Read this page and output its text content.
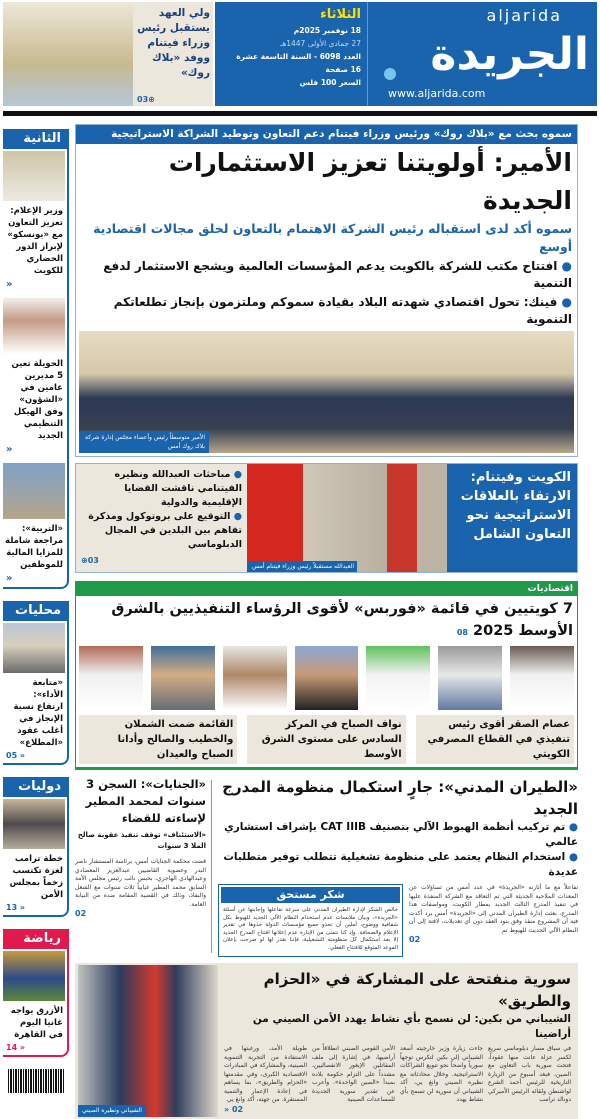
aljarida
الجريدة
www.aljarida.com
الثلاثاء
18 نوفمبر 2025م
27 جمادى الأولى 1447هـ
العدد 6098 - السنة التاسعة عشرة
16 صفحة
السعر 100 فلس
ولي العهد يستقبل رئيس وزراء فيتنام ووفد «بلاك روك»
⊕03
سموه بحث مع «بلاك روك» ورئيس وزراء فيتنام دعم التعاون وتوطيد الشراكة الاستراتيجية
الأمير: أولويتنا تعزيز الاستثمارات الجديدة
سموه أكد لدى استقباله رئيس الشركة الاهتمام بالتعاون لخلق مجالات اقتصادية أوسع
● افتتاح مكتب للشركة بالكويت يدعم المؤسسات العالمية ويشجع الاستثمار لدفع التنمية
● فينك: تحول اقتصادي شهدته البلاد بقيادة سموكم وملتزمون بإنجاز تطلعاتكم التنموية
الأمير متوسطاً رئيس وأعضاء مجلس إدارة شركة بلاك روك أمس
الكويت وفيتنام: الارتقاء بالعلاقات الاستراتيجية نحو التعاون الشامل
العبدالله مستقبلاً رئيس وزراء فيتنام أمس
● مباحثات العبدالله ونظيره الفيتنامي ناقشت القضايا الإقليمية والدولية
● التوقيع على بروتوكول ومذكرة تفاهم بين البلدين في المجال الدبلوماسي
03⊕
اقتصاديات
7 كويتيين في قائمة «فوربس» لأقوى الرؤساء التنفيذيين بالشرق الأوسط 2025 08
عصام الصقر أقوى رئيس تنفيذي في القطاع المصرفي الكويتي
نواف الصباح في المركز السادس على مستوى الشرق الأوسط
القائمة ضمت الشملان والخطيب والصالح وأدانا الصباح والعيدان
«الطيران المدني»: جارٍ استكمال منظومة المدرج الجديد
● تم تركيب أنظمة الهبوط الآلي بتصنيف CAT IIIB بإشراف استشاري عالمي
● استخدام النظام يعتمد على منظومة تشغيلية تتطلب توفير متطلبات عديدة
تفاعلاً مع ما أثارته «الجريدة» في عدد أمس من تساؤلات عن المعدات الملاحية الحديثة التي تم التعاقد مع الشركة المنفذة عليها في تنفيذ المدرج الثالث الجديد بمطار الكويت، ومواصفات هذا المدرج، بعثت إدارة الطيران المدني إلى «الجريدة» أمس برد أكدت فيه أن المشروع منفذ وفق بنود العقد دون أي تعديلات، لافتة إلى أن النظام الآلي الحديث للهبوط تم
02
شكر مستحق
خالص الشكر لإدارة الطيران المدني على سرعة تفاعلها وإجابتها عن أسئلة «الجريدة»، وبيان ملابسات عدم استخدام النظام الآلي الجديد للهبوط بكل شفافية ووضوح، آملين أن تحذو جميع مؤسسات الدولة حذوها في تقدير الإعلام والصحافة. وإذ كنا نتمنى من الإدارة عدم إعلانها افتتاح المدرج الجديد إلا بعد استكمال كل منظومته التشغيلية، فإننا نقدر لها لو صرحت بإعلان الموعد المتوقع للافتتاح الفعلي.
«الجنايات»: السجن 3 سنوات لمحمد المطير لإساءته للقضاء
«الاستئناف» توقف تنفيذ عقوبة صالح الملا 3 سنوات
قضت محكمة الجنايات أمس، برئاسة المستشار ناصر البدر وعضوية القاضيين عبدالعزيز المعضادي وعبدالهادي الهاجري، بحبس نائب رئيس مجلس الأمة السابق محمد المطير غيابياً ثلاث سنوات مع الشغل والنفاذ، وذلك في القضية المقامة ضده من النيابة العامة.
02
سورية منفتحة على المشاركة في «الحزام والطريق»
الشيباني من بكين: لن نسمح بأي نشاط يهدد الأمن الصيني من أراضينا
في سياق مسار دبلوماسي سريع لكسر عزلة عانت منها عقوداً، فتحت سورية باب التعاون مع الصين، فبعد أسبوع من الزيارة التاريخية للرئيس أحمد الشرع لواشنطن ولقائه الرئيس الأميركي دونالد ترامب
جاءت زيارة وزير خارجيته أسعد الشيباني إلى بكين لتكرس توجهاً سورياً واضحاً نحو تنويع الشراكات الاستراتيجية. وخلال محادثاته مع نظيره الصيني وانغ يي، أكد الشيباني أن سورية لن تسمح بأي نشاط يهدد
الأمن القومي الصيني انطلاقاً من أراضيها، في إشارة إلى ملف المقاتلين الإيغور الانفصاليين، مشدداً على التزام حكومة بلاده بمبدأ «الصين الواحدة». وأعرب عن تقدير سورية الجديدة للمساعدات الصينية
طويلة الأمد، ورغبتها في الاستفادة من التجربة التنموية الصينية، والمشاركة في المبادرات الاقتصادية الكبرى، وفي مقدمتها «الحزام والطريق»، بما يساهم في إعادة الإعمار والتنمية المستقرة. من جهته، أكد وانغ يي
02 «
الشيباني ونظيره الصيني
الثانية
وزير الإعلام: تعزيز التعاون مع «يونسكو» لإبراز الدور الحضاري للكويت
«
الحويلة تعين 5 مديرين عامين في «الشؤون» وفق الهيكل التنظيمي الجديد
«
«التربية»: مراجعة شاملة للمزايا المالية للموظفين
«
محليات
«متابعة الأداء»: ارتفاع نسبة الإنجاز في أغلب عقود «المطلاع»
« 05
دوليات
خطة ترامب لغزة تكتسب زخماً بمجلس الأمن
« 13
رياضة
الأزرق يواجه غانيا اليوم في القاهرة
« 14
